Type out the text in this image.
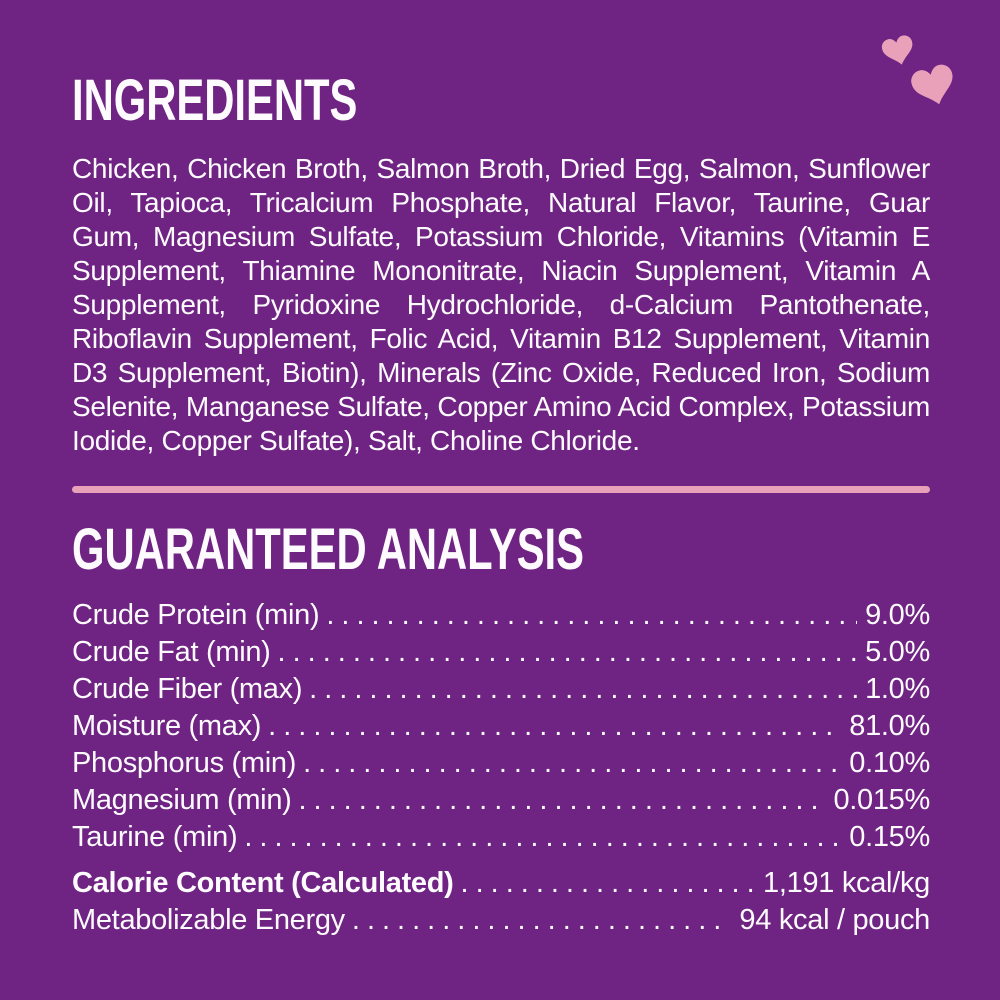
INGREDIENTS

Chicken, Chicken Broth, Salmon Broth, Dried Egg, Salmon, Sunflower Oil, Tapioca, Tricalcium Phosphate, Natural Flavor, Taurine, Guar Gum, Magnesium Sulfate, Potassium Chloride, Vitamins (Vitamin E Supplement, Thiamine Mononitrate, Niacin Supplement, Vitamin A Supplement, Pyridoxine Hydrochloride, d-Calcium Pantothenate, Riboflavin Supplement, Folic Acid, Vitamin B12 Supplement, Vitamin D3 Supplement, Biotin), Minerals (Zinc Oxide, Reduced Iron, Sodium Selenite, Manganese Sulfate, Copper Amino Acid Complex, Potassium Iodide, Copper Sulfate), Salt, Choline Chloride.

GUARANTEED ANALYSIS
Crude Protein (min) .....	9.0%
Crude Fat (min) .....	5.0%
Crude Fiber (max) .....	1.0%
Moisture (max) .....	81.0%
Phosphorus (min) .....	0.10%
Magnesium (min) .....	0.015%
Taurine (min) .....	0.15%
Calorie Content (Calculated) .....	1,191 kcal/kg
Metabolizable Energy .....	94 kcal / pouch
